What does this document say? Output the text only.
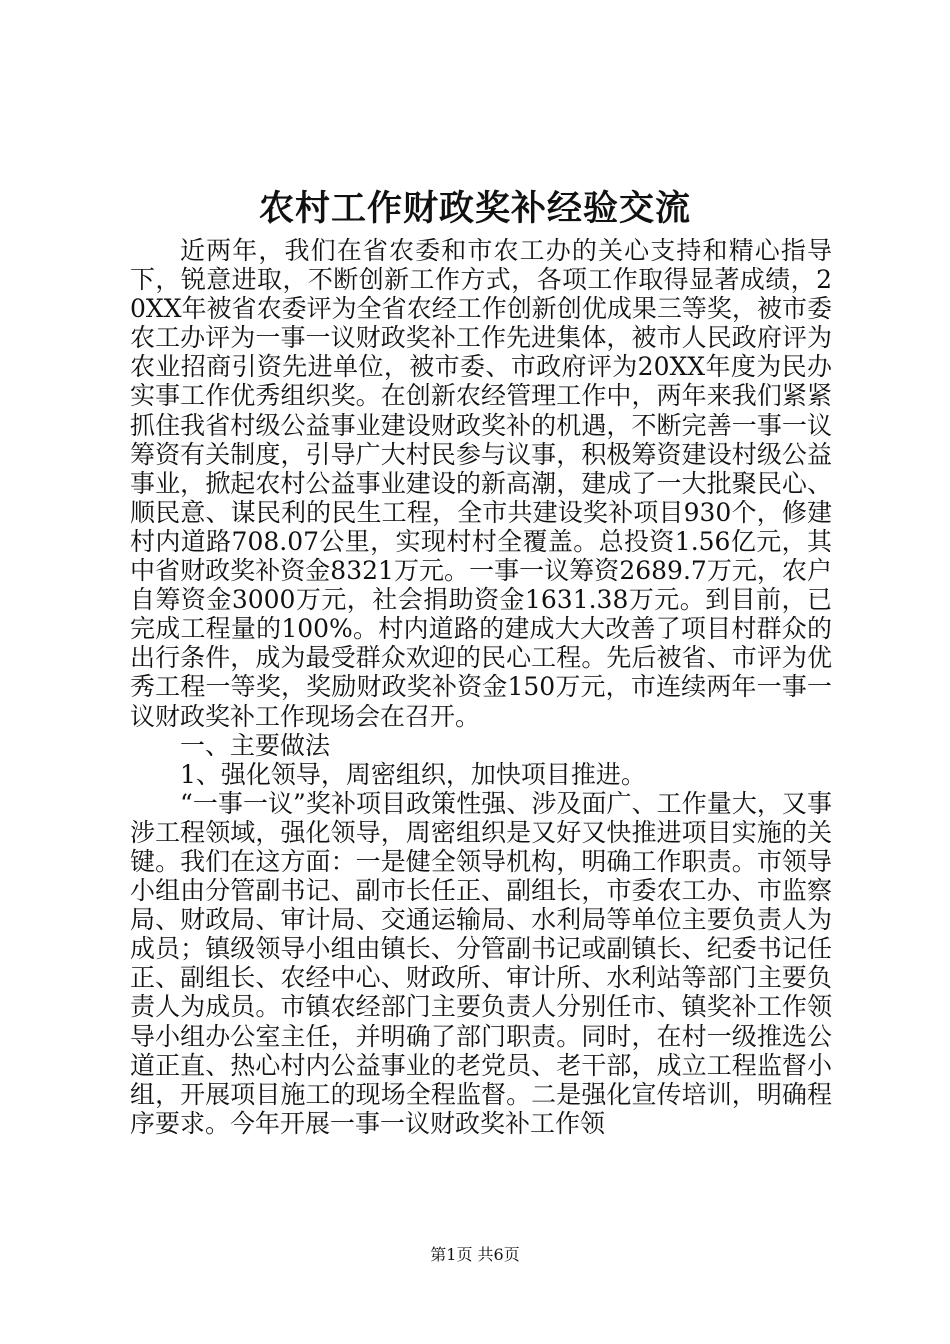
农村工作财政奖补经验交流

近两年，我们在省农委和市农工办的关心支持和精心指导下，锐意进取，不断创新工作方式，各项工作取得显著成绩，20XX年被省农委评为全省农经工作创新创优成果三等奖，被市委农工办评为一事一议财政奖补工作先进集体，被市人民政府评为农业招商引资先进单位，被市委、市政府评为20XX年度为民办实事工作优秀组织奖。在创新农经管理工作中，两年来我们紧紧抓住我省村级公益事业建设财政奖补的机遇，不断完善一事一议筹资有关制度，引导广大村民参与议事，积极筹资建设村级公益事业，掀起农村公益事业建设的新高潮，建成了一大批聚民心、顺民意、谋民利的民生工程，全市共建设奖补项目930个，修建村内道路708.07公里，实现村村全覆盖。总投资1.56亿元，其中省财政奖补资金8321万元。一事一议筹资2689.7万元，农户自筹资金3000万元，社会捐助资金1631.38万元。到目前，已完成工程量的100%。村内道路的建成大大改善了项目村群众的出行条件，成为最受群众欢迎的民心工程。先后被省、市评为优秀工程一等奖，奖励财政奖补资金150万元，市连续两年一事一议财政奖补工作现场会在召开。

一、主要做法

1、强化领导，周密组织，加快项目推进。

“一事一议”奖补项目政策性强、涉及面广、工作量大，又事涉工程领域，强化领导，周密组织是又好又快推进项目实施的关键。我们在这方面：一是健全领导机构，明确工作职责。市领导小组由分管副书记、副市长任正、副组长，市委农工办、市监察局、财政局、审计局、交通运输局、水利局等单位主要负责人为成员；镇级领导小组由镇长、分管副书记或副镇长、纪委书记任正、副组长、农经中心、财政所、审计所、水利站等部门主要负责人为成员。市镇农经部门主要负责人分别任市、镇奖补工作领导小组办公室主任，并明确了部门职责。同时，在村一级推选公道正直、热心村内公益事业的老党员、老干部，成立工程监督小组，开展项目施工的现场全程监督。二是强化宣传培训，明确程序要求。今年开展一事一议财政奖补工作领

第1页 共6页
